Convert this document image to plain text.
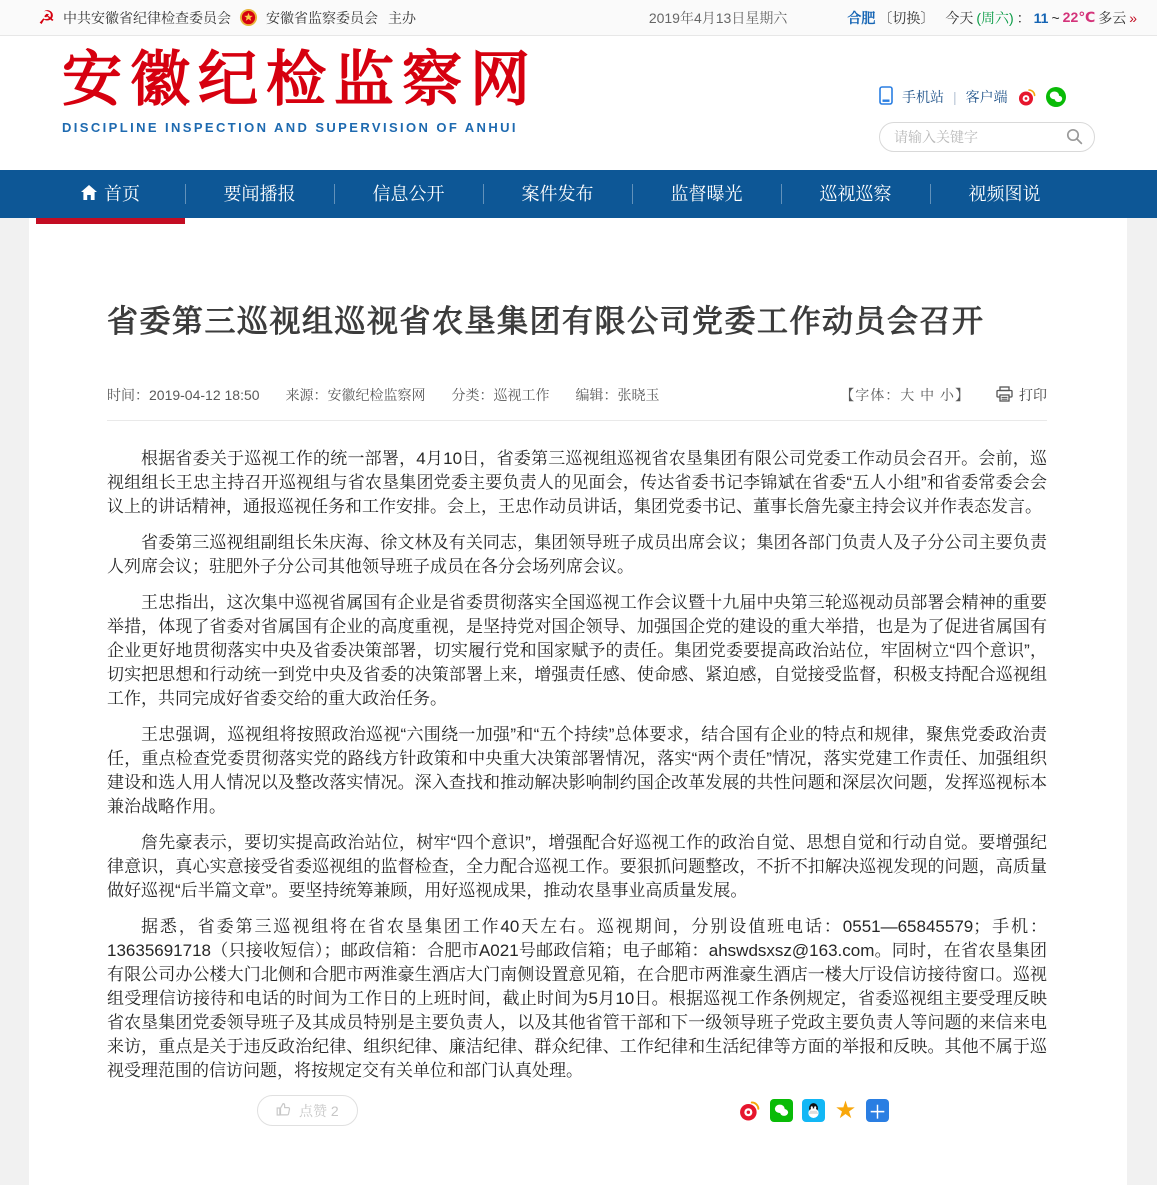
☭ 中共安徽省纪律检查委员会	安徽省监察委员会 主办	2019年4月13日星期六	合肥 〔切换〕 今天 (周六) ： 11 ~ 22℃ 多云 »
安徽纪检监察网
DISCIPLINE INSPECTION AND SUPERVISION OF ANHUI
手机站 | 客户端
请输入关键字
首页	要闻播报	信息公开	案件发布	监督曝光	巡视巡察	视频图说
省委第三巡视组巡视省农垦集团有限公司党委工作动员会召开
时间：2019-04-12 18:50 来源：安徽纪检监察网 分类：巡视工作 编辑：张晓玉	【字体：大 中 小】	打印

根据省委关于巡视工作的统一部署，4月10日，省委第三巡视组巡视省农垦集团有限公司党委工作动员会召开。会前，巡视组组长王忠主持召开巡视组与省农垦集团党委主要负责人的见面会，传达省委书记李锦斌在省委“五人小组”和省委常委会会议上的讲话精神，通报巡视任务和工作安排。会上，王忠作动员讲话，集团党委书记、董事长詹先豪主持会议并作表态发言。

省委第三巡视组副组长朱庆海、徐文林及有关同志，集团领导班子成员出席会议；集团各部门负责人及子分公司主要负责人列席会议；驻肥外子分公司其他领导班子成员在各分会场列席会议。

王忠指出，这次集中巡视省属国有企业是省委贯彻落实全国巡视工作会议暨十九届中央第三轮巡视动员部署会精神的重要举措，体现了省委对省属国有企业的高度重视，是坚持党对国企领导、加强国企党的建设的重大举措，也是为了促进省属国有企业更好地贯彻落实中央及省委决策部署，切实履行党和国家赋予的责任。集团党委要提高政治站位，牢固树立“四个意识”，切实把思想和行动统一到党中央及省委的决策部署上来，增强责任感、使命感、紧迫感，自觉接受监督，积极支持配合巡视组工作，共同完成好省委交给的重大政治任务。

王忠强调，巡视组将按照政治巡视“六围绕一加强”和“五个持续”总体要求，结合国有企业的特点和规律，聚焦党委政治责任，重点检查党委贯彻落实党的路线方针政策和中央重大决策部署情况，落实“两个责任”情况，落实党建工作责任、加强组织建设和选人用人情况以及整改落实情况。深入查找和推动解决影响制约国企改革发展的共性问题和深层次问题，发挥巡视标本兼治战略作用。

詹先豪表示，要切实提高政治站位，树牢“四个意识”，增强配合好巡视工作的政治自觉、思想自觉和行动自觉。要增强纪律意识，真心实意接受省委巡视组的监督检查，全力配合巡视工作。要狠抓问题整改，不折不扣解决巡视发现的问题，高质量做好巡视“后半篇文章”。要坚持统筹兼顾，用好巡视成果，推动农垦事业高质量发展。

据悉，省委第三巡视组将在省农垦集团工作40天左右。巡视期间，分别设值班电话：0551—65845579；手机：13635691718（只接收短信）；邮政信箱：合肥市A021号邮政信箱；电子邮箱：ahswdsxsz@163.com。同时，在省农垦集团有限公司办公楼大门北侧和合肥市两淮豪生酒店大门南侧设置意见箱，在合肥市两淮豪生酒店一楼大厅设信访接待窗口。巡视组受理信访接待和电话的时间为工作日的上班时间，截止时间为5月10日。根据巡视工作条例规定，省委巡视组主要受理反映省农垦集团党委领导班子及其成员特别是主要负责人，以及其他省管干部和下一级领导班子党政主要负责人等问题的来信来电来访，重点是关于违反政治纪律、组织纪律、廉洁纪律、群众纪律、工作纪律和生活纪律等方面的举报和反映。其他不属于巡视受理范围的信访问题，将按规定交有关单位和部门认真处理。

点赞 2	★ ＋
